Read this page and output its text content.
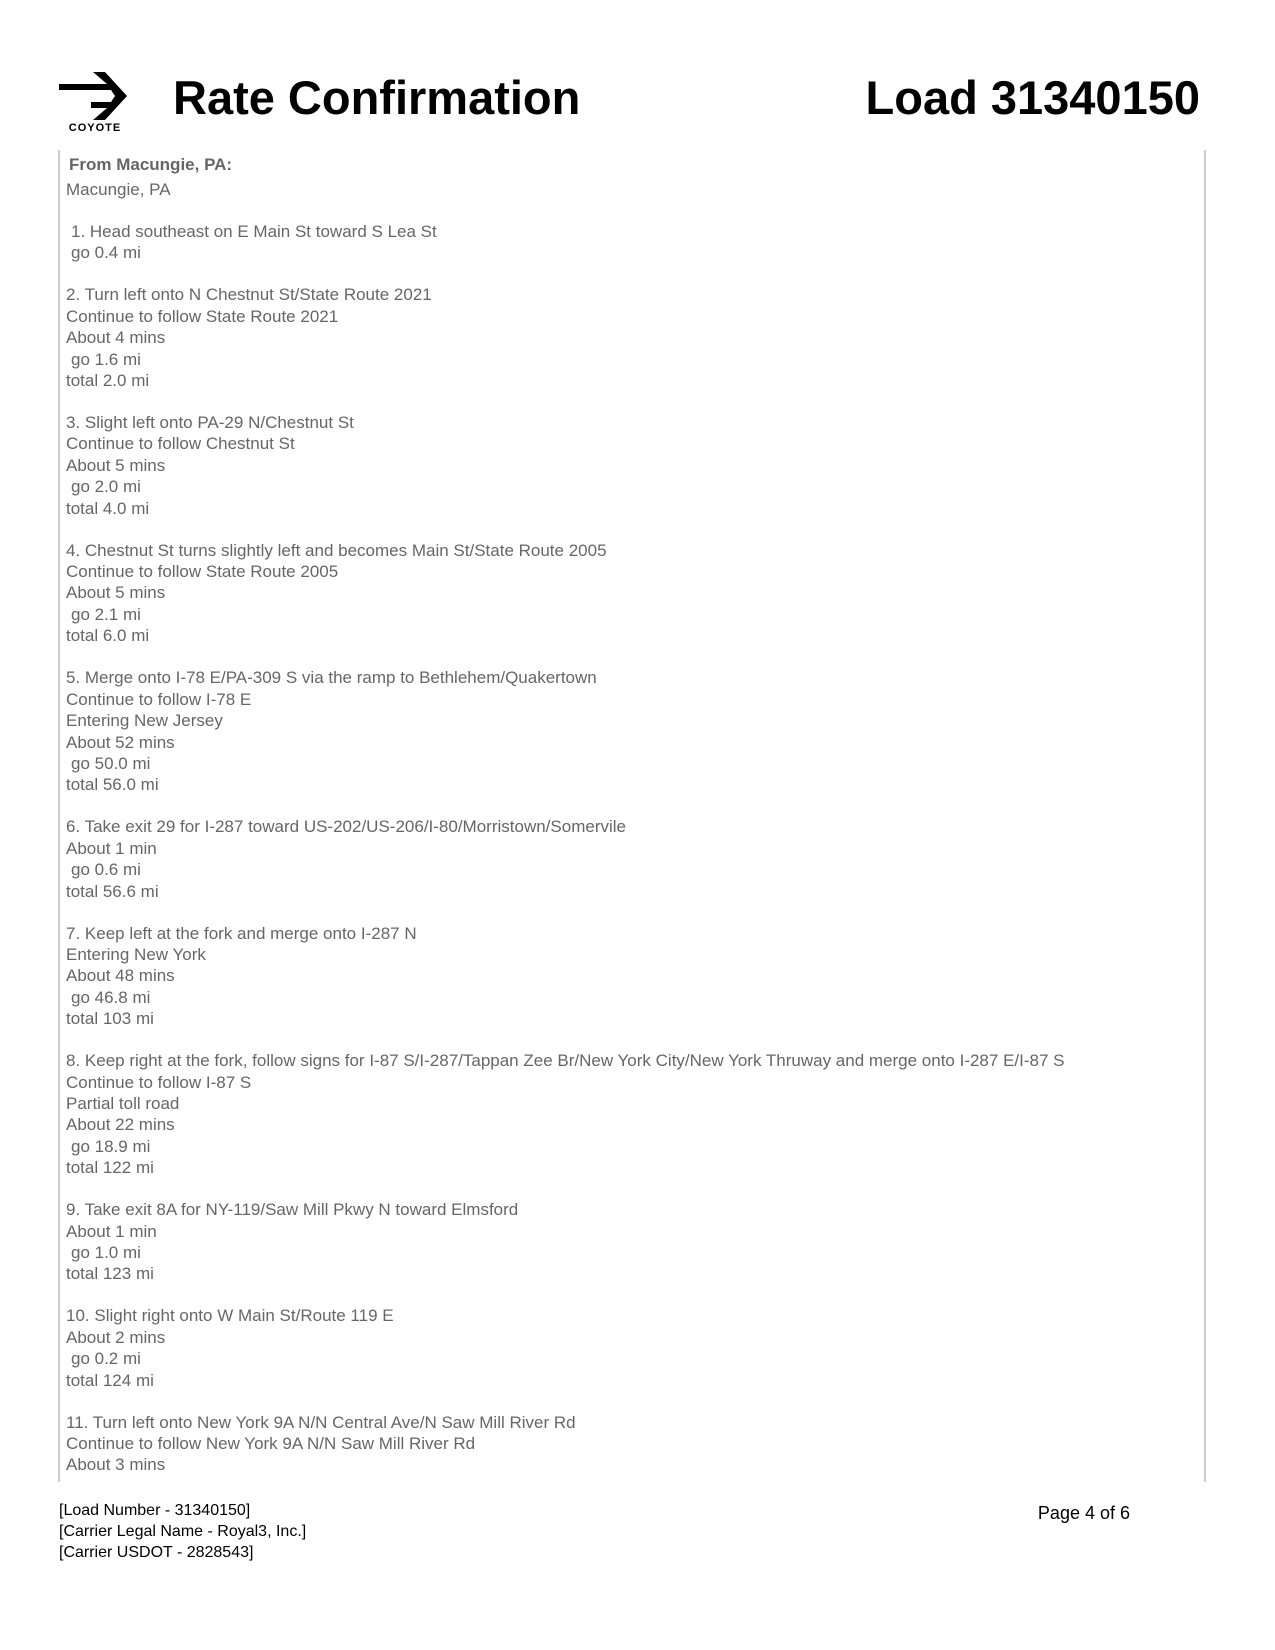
COYOTE
Rate Confirmation	Load 31340150
From Macungie, PA:
Macungie, PA
1. Head southeast on E Main St toward S Lea St
go 0.4 mi
2. Turn left onto N Chestnut St/State Route 2021
Continue to follow State Route 2021
About 4 mins
go 1.6 mi
total 2.0 mi
3. Slight left onto PA-29 N/Chestnut St
Continue to follow Chestnut St
About 5 mins
go 2.0 mi
total 4.0 mi
4. Chestnut St turns slightly left and becomes Main St/State Route 2005
Continue to follow State Route 2005
About 5 mins
go 2.1 mi
total 6.0 mi
5. Merge onto I-78 E/PA-309 S via the ramp to Bethlehem/Quakertown
Continue to follow I-78 E
Entering New Jersey
About 52 mins
go 50.0 mi
total 56.0 mi
6. Take exit 29 for I-287 toward US-202/US-206/I-80/Morristown/Somervile
About 1 min
go 0.6 mi
total 56.6 mi
7. Keep left at the fork and merge onto I-287 N
Entering New York
About 48 mins
go 46.8 mi
total 103 mi
8. Keep right at the fork, follow signs for I-87 S/I-287/Tappan Zee Br/New York City/New York Thruway and merge onto I-287 E/I-87 S
Continue to follow I-87 S
Partial toll road
About 22 mins
go 18.9 mi
total 122 mi
9. Take exit 8A for NY-119/Saw Mill Pkwy N toward Elmsford
About 1 min
go 1.0 mi
total 123 mi
10. Slight right onto W Main St/Route 119 E
About 2 mins
go 0.2 mi
total 124 mi
11. Turn left onto New York 9A N/N Central Ave/N Saw Mill River Rd
Continue to follow New York 9A N/N Saw Mill River Rd
About 3 mins
[Load Number - 31340150]
[Carrier Legal Name - Royal3, Inc.]
[Carrier USDOT - 2828543]
Page 4 of 6
